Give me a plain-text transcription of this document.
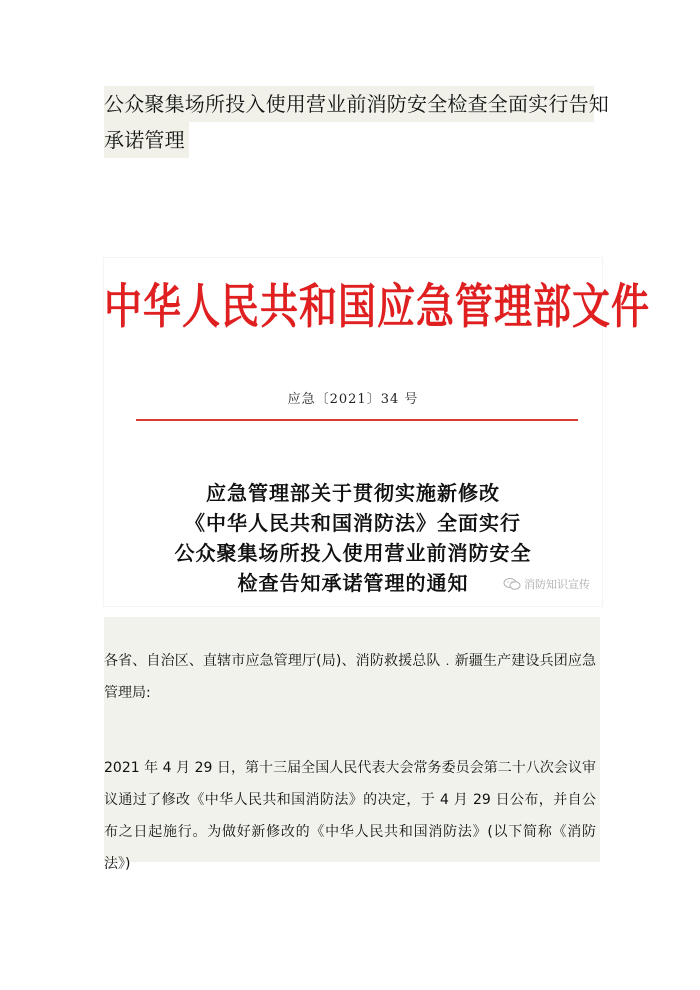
公众聚集场所投入使用营业前消防安全检查全面实行告知
承诺管理
中华人民共和国应急管理部文件
应急〔2021〕34 号
应急管理部关于贯彻实施新修改
《中华人民共和国消防法》全面实行
公众聚集场所投入使用营业前消防安全
检查告知承诺管理的通知	消防知识宣传
各省、自治区、直辖市应急管理厅(局)、消防救援总队﹒新疆生产建设兵团应急管理局:
2021 年 4 月 29 日，第十三届全国人民代表大会常务委员会第二十八次会议审议通过了修改《中华人民共和国消防法》的决定，于 4 月 29 日公布，并自公布之日起施行。为做好新修改的《中华人民共和国消防法》(以下简称《消防法》)
